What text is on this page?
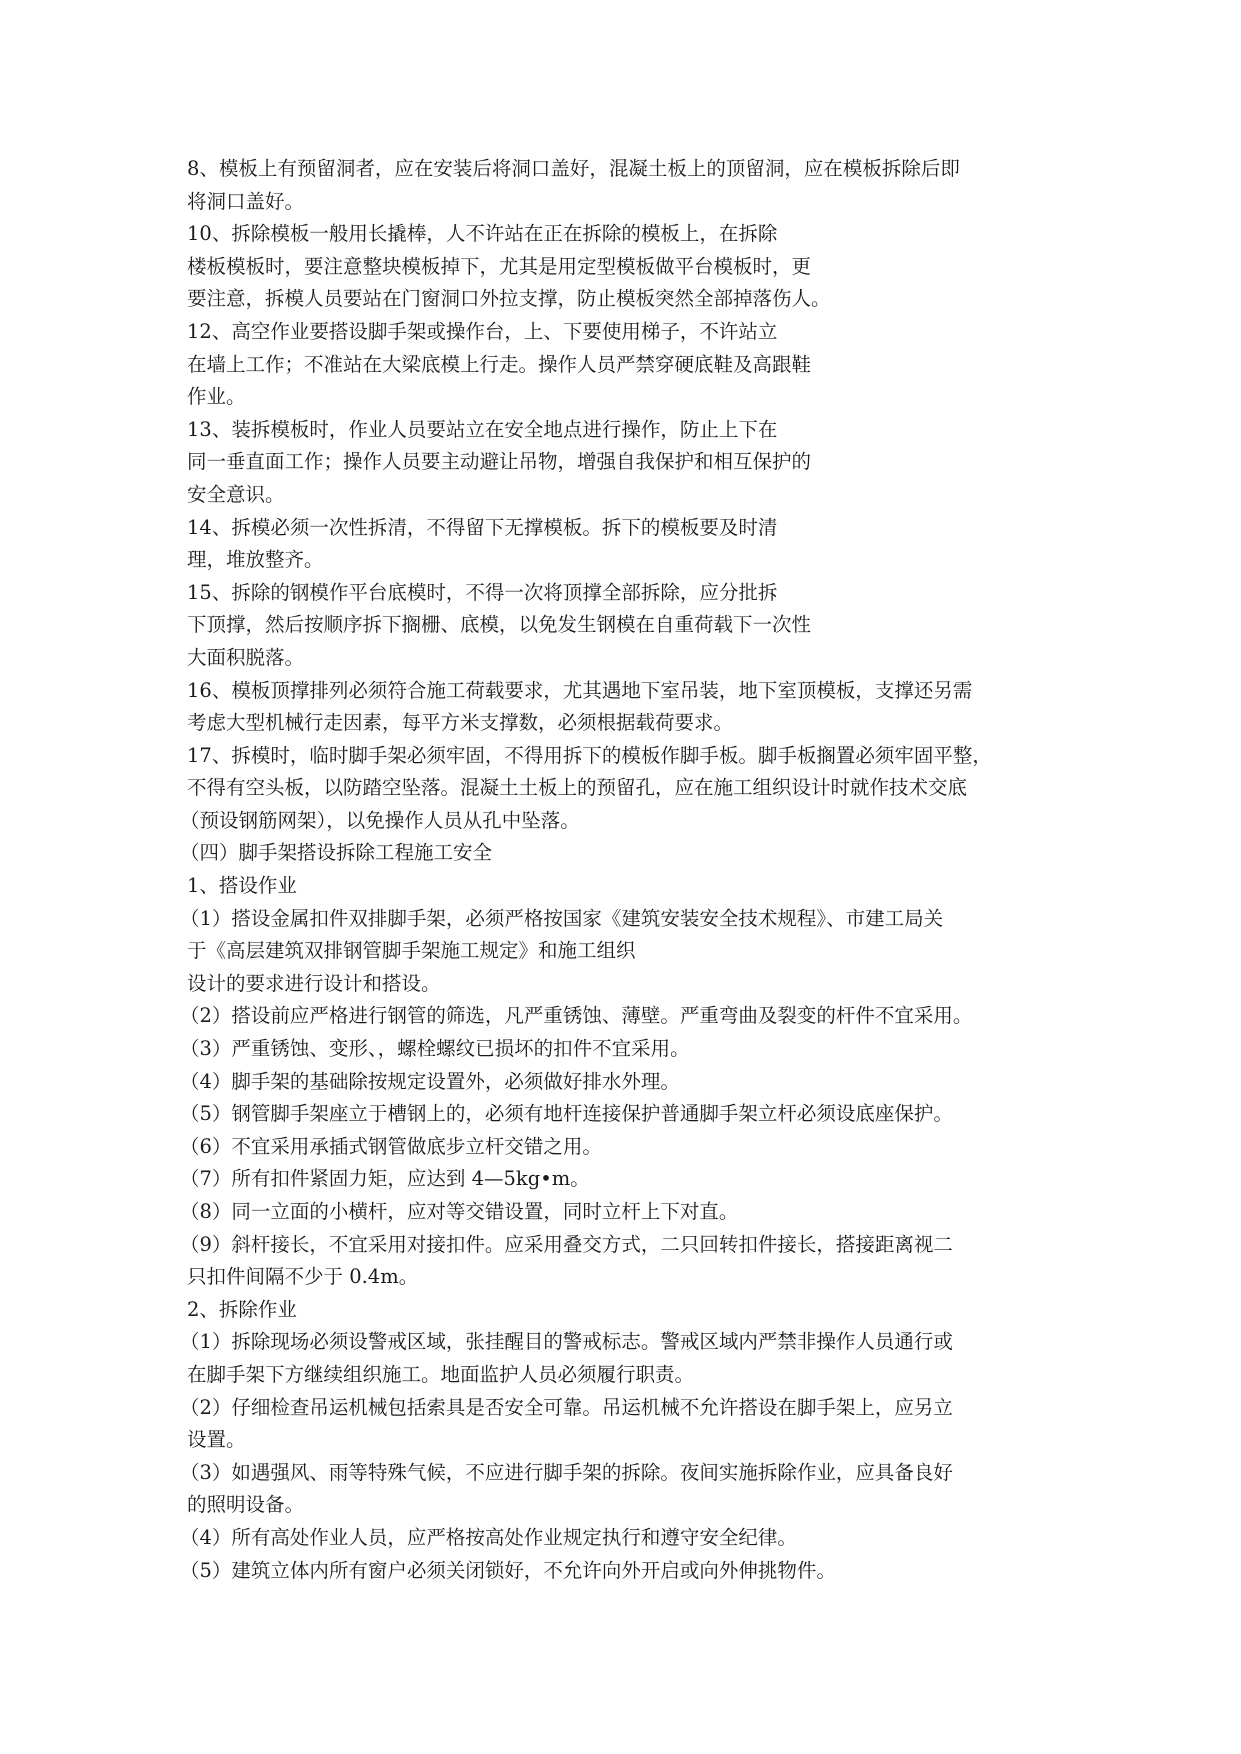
8、模板上有预留洞者，应在安装后将洞口盖好，混凝土板上的顶留洞，应在模板拆除后即
将洞口盖好。
10、拆除模板一般用长撬棒，人不许站在正在拆除的模板上，在拆除
楼板模板时，要注意整块模板掉下，尤其是用定型模板做平台模板时，更
要注意，拆模人员要站在门窗洞口外拉支撑，防止模板突然全部掉落伤人。
12、高空作业要搭设脚手架或操作台，上、下要使用梯子，不许站立
在墙上工作；不准站在大梁底模上行走。操作人员严禁穿硬底鞋及高跟鞋
作业。
13、装拆模板时，作业人员要站立在安全地点进行操作，防止上下在
同一垂直面工作；操作人员要主动避让吊物，增强自我保护和相互保护的
安全意识。
14、拆模必须一次性拆清，不得留下无撑模板。拆下的模板要及时清
理，堆放整齐。
15、拆除的钢模作平台底模时，不得一次将顶撑全部拆除，应分批拆
下顶撑，然后按顺序拆下搁栅、底模，以免发生钢模在自重荷载下一次性
大面积脱落。
16、模板顶撑排列必须符合施工荷载要求，尤其遇地下室吊装，地下室顶模板，支撑还另需
考虑大型机械行走因素，每平方米支撑数，必须根据载荷要求。
17、拆模时，临时脚手架必须牢固，不得用拆下的模板作脚手板。脚手板搁置必须牢固平整，
不得有空头板，以防踏空坠落。混凝土土板上的预留孔，应在施工组织设计时就作技术交底
（预设钢筋网架），以免操作人员从孔中坠落。
（四）脚手架搭设拆除工程施工安全
1、搭设作业
（1）搭设金属扣件双排脚手架，必须严格按国家《建筑安装安全技术规程》、市建工局关
于《高层建筑双排钢管脚手架施工规定》和施工组织
设计的要求进行设计和搭设。
（2）搭设前应严格进行钢管的筛选，凡严重锈蚀、薄壁。严重弯曲及裂变的杆件不宜采用。
（3）严重锈蚀、变形、，螺栓螺纹已损坏的扣件不宜采用。
（4）脚手架的基础除按规定设置外，必须做好排水外理。
（5）钢管脚手架座立于槽钢上的，必须有地杆连接保护普通脚手架立杆必须设底座保护。
（6）不宜采用承插式钢管做底步立杆交错之用。
（7）所有扣件紧固力矩，应达到 4—5kg•m。
（8）同一立面的小横杆，应对等交错设置，同时立杆上下对直。
（9）斜杆接长，不宜采用对接扣件。应采用叠交方式，二只回转扣件接长，搭接距离视二
只扣件间隔不少于 0.4m。
2、拆除作业
（1）拆除现场必须设警戒区域，张挂醒目的警戒标志。警戒区域内严禁非操作人员通行或
在脚手架下方继续组织施工。地面监护人员必须履行职责。
（2）仔细检查吊运机械包括索具是否安全可靠。吊运机械不允许搭设在脚手架上，应另立
设置。
（3）如遇强风、雨等特殊气候，不应进行脚手架的拆除。夜间实施拆除作业，应具备良好
的照明设备。
（4）所有高处作业人员，应严格按高处作业规定执行和遵守安全纪律。
（5）建筑立体内所有窗户必须关闭锁好，不允许向外开启或向外伸挑物件。
